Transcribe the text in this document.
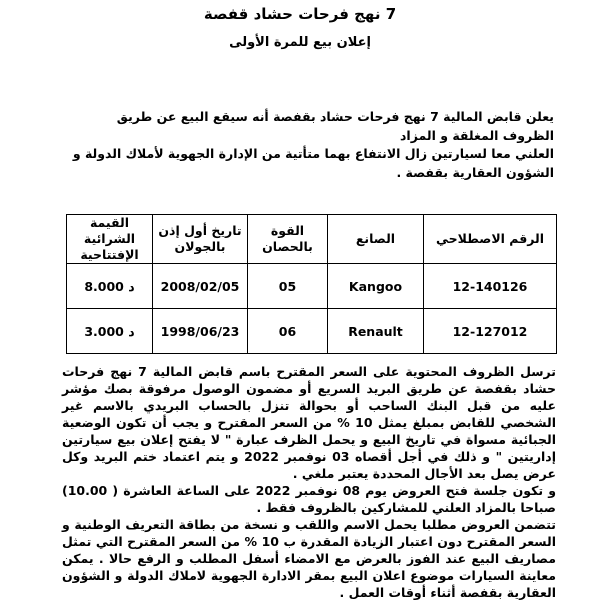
7 نهج فرحات حشاد قفصة
إعلان بيع للمرة الأولى

يعلن قابض المالية 7 نهج فرحات حشاد بقفصة أنه سيقع البيع عن طريق الظروف المغلقة و المزاد

العلني معا لسيارتين زال الانتفاع بهما متأتية من الإدارة الجهوية لأملاك الدولة و الشؤون العقارية بقفصة .

الرقم الاصطلاحي	الصانع	القوة بالحصان	تاريخ أول إذن بالجولان	القيمة الشرائية الإفتتاحية
12-140126	Kangoo	05	2008/02/05	8.000 د
12-127012	Renault	06	1998/06/23	3.000 د

ترسل الظروف المحتوية على السعر المقترح باسم قابض المالية 7 نهج فرحات حشاد بقفصة عن طريق البريد السريع أو مضمون الوصول مرفوقة بصك مؤشر عليه من قبل البنك الساحب أو بحوالة تنزل بالحساب البريدي بالاسم غير الشخصي للقابض بمبلغ يمثل 10 % من السعر المقترح و يجب أن تكون الوضعية الجبائية مسواة في تاريخ البيع و يحمل الظرف عبارة " لا يفتح إعلان بيع سيارتين إداريتين " و ذلك في أجل أقصاه 03 نوفمبر 2022 و يتم اعتماد ختم البريد وكل عرض يصل بعد الأجال المحددة يعتبر ملغي .

و تكون جلسة فتح العروض يوم 08 نوفمبر 2022 على الساعة العاشرة ( 10.00) صباحا بالمزاد العلني للمشاركين بالظروف فقط .

تتضمن العروض مطلبا يحمل الاسم واللقب و نسخة من بطاقة التعريف الوطنية و السعر المقترح دون اعتبار الزيادة المقدرة ب 10 % من السعر المقترح التي تمثل مصاريف البيع عند الفوز بالعرض مع الامضاء أسفل المطلب و الرفع حالا . يمكن معاينة السيارات موضوع اعلان البيع بمقر الادارة الجهوية لاملاك الدولة و الشؤون العقارية بقفصة أثناء أوقات العمل .
